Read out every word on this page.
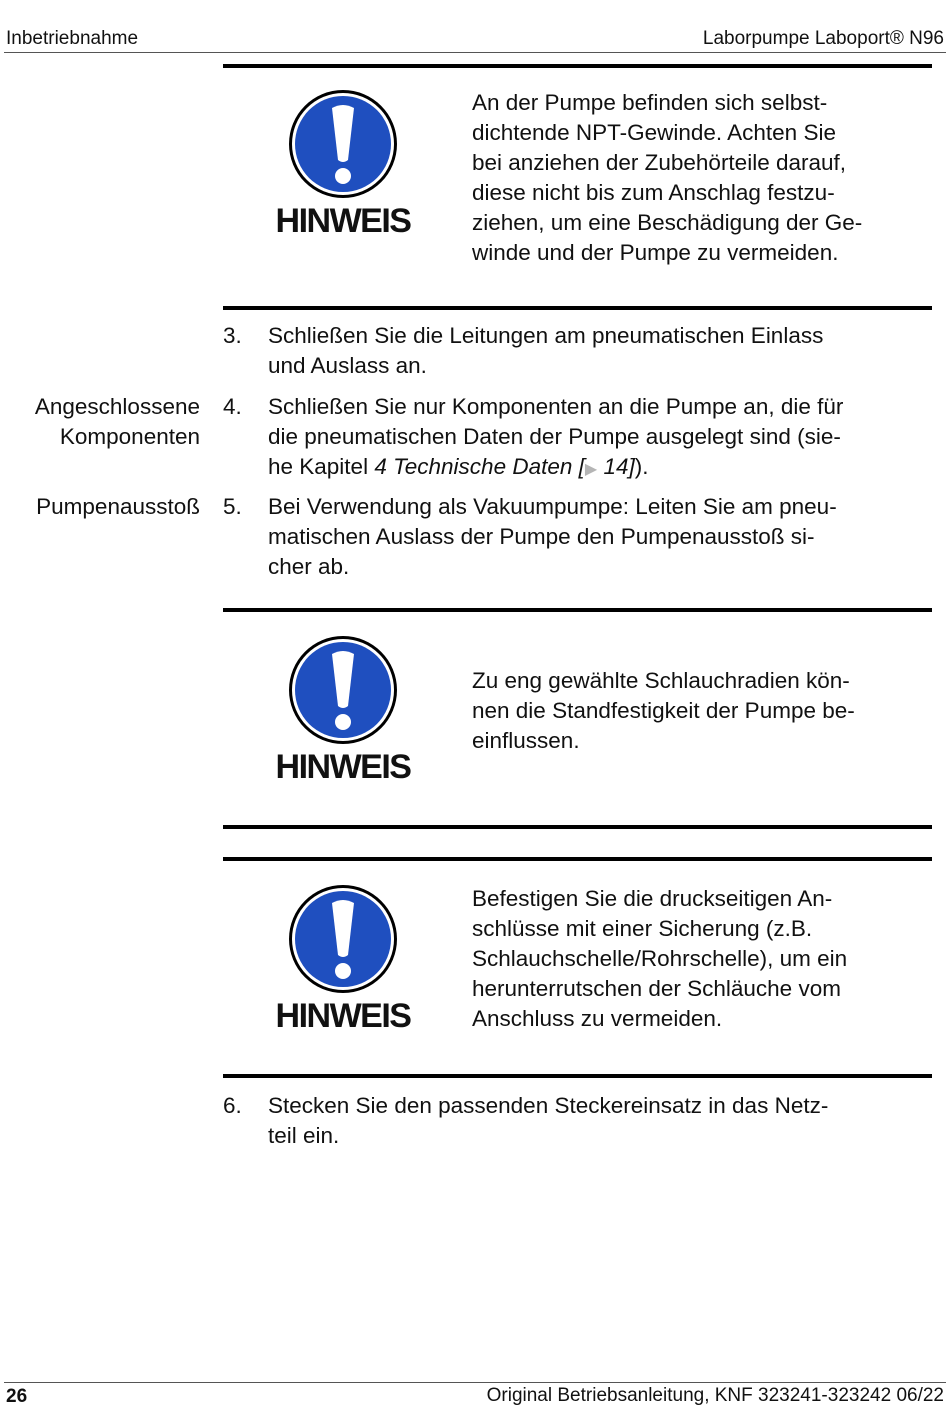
Inbetriebnahme	Laborpumpe Laboport® N96
HINWEIS
An der Pumpe befinden sich selbst-
dichtende NPT-Gewinde. Achten Sie
bei anziehen der Zubehörteile darauf,
diese nicht bis zum Anschlag festzu-
ziehen, um eine Beschädigung der Ge-
winde und der Pumpe zu vermeiden.
3. Schließen Sie die Leitungen am pneumatischen Einlass
und Auslass an.
Angeschlossene
Komponenten
4. Schließen Sie nur Komponenten an die Pumpe an, die für
die pneumatischen Daten der Pumpe ausgelegt sind (sie-
he Kapitel 4 Technische Daten [▶ 14]).
Pumpenausstoß 5. Bei Verwendung als Vakuumpumpe: Leiten Sie am pneu-
matischen Auslass der Pumpe den Pumpenausstoß si-
cher ab.
HINWEIS
Zu eng gewählte Schlauchradien kön-
nen die Standfestigkeit der Pumpe be-
einflussen.
HINWEIS
Befestigen Sie die druckseitigen An-
schlüsse mit einer Sicherung (z.B.
Schlauchschelle/Rohrschelle), um ein
herunterrutschen der Schläuche vom
Anschluss zu vermeiden.
6. Stecken Sie den passenden Steckereinsatz in das Netz-
teil ein.
26	Original Betriebsanleitung, KNF 323241-323242 06/22
